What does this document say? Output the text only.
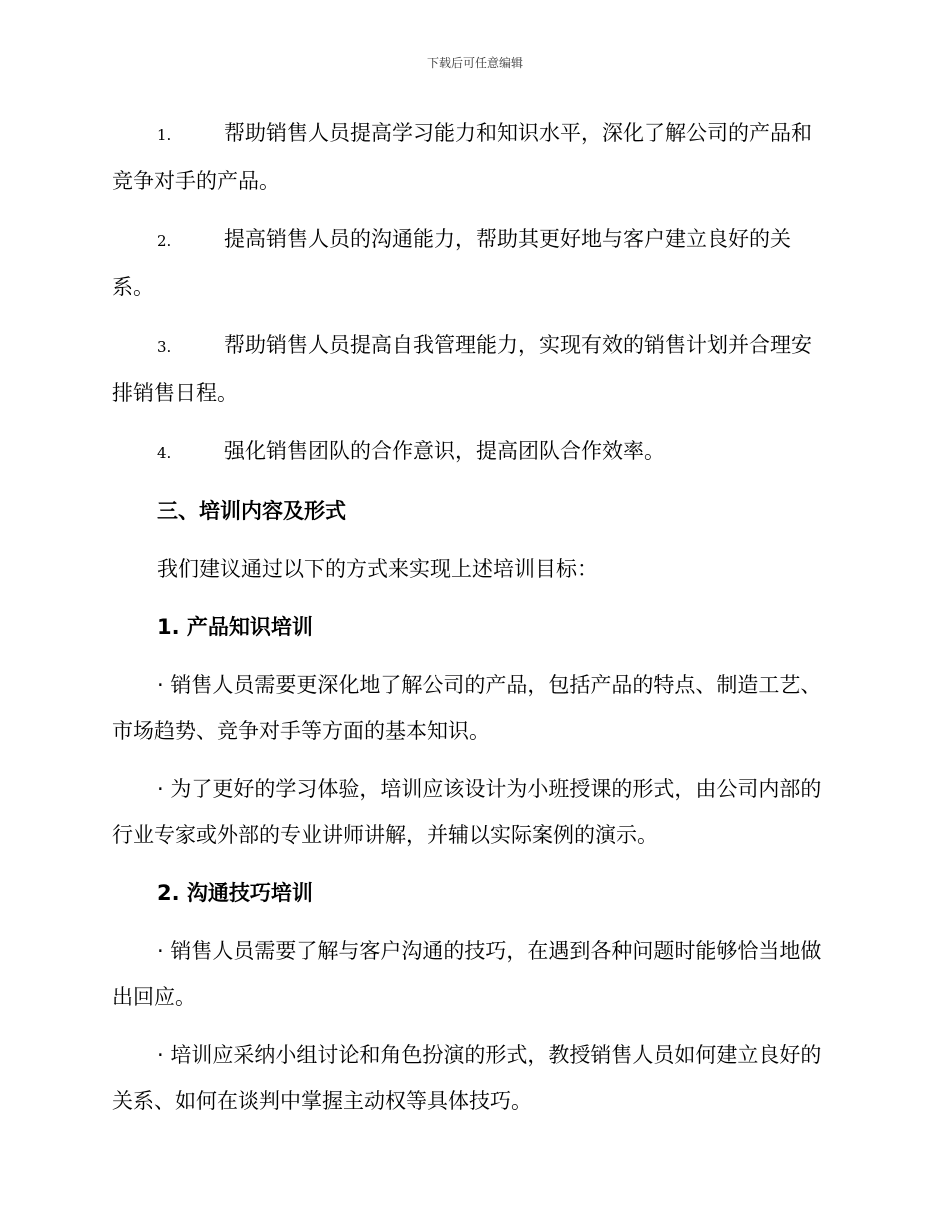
下载后可任意编辑

1.	帮助销售人员提高学习能力和知识水平，深化了解公司的产品和竞争对手的产品。

2.	提高销售人员的沟通能力，帮助其更好地与客户建立良好的关系。

3.	帮助销售人员提高自我管理能力，实现有效的销售计划并合理安排销售日程。

4.	强化销售团队的合作意识，提高团队合作效率。

三、培训内容及形式

我们建议通过以下的方式来实现上述培训目标：

1. 产品知识培训

· 销售人员需要更深化地了解公司的产品，包括产品的特点、制造工艺、市场趋势、竞争对手等方面的基本知识。

· 为了更好的学习体验，培训应该设计为小班授课的形式，由公司内部的行业专家或外部的专业讲师讲解，并辅以实际案例的演示。

2. 沟通技巧培训

· 销售人员需要了解与客户沟通的技巧，在遇到各种问题时能够恰当地做出回应。

· 培训应采纳小组讨论和角色扮演的形式，教授销售人员如何建立良好的关系、如何在谈判中掌握主动权等具体技巧。
